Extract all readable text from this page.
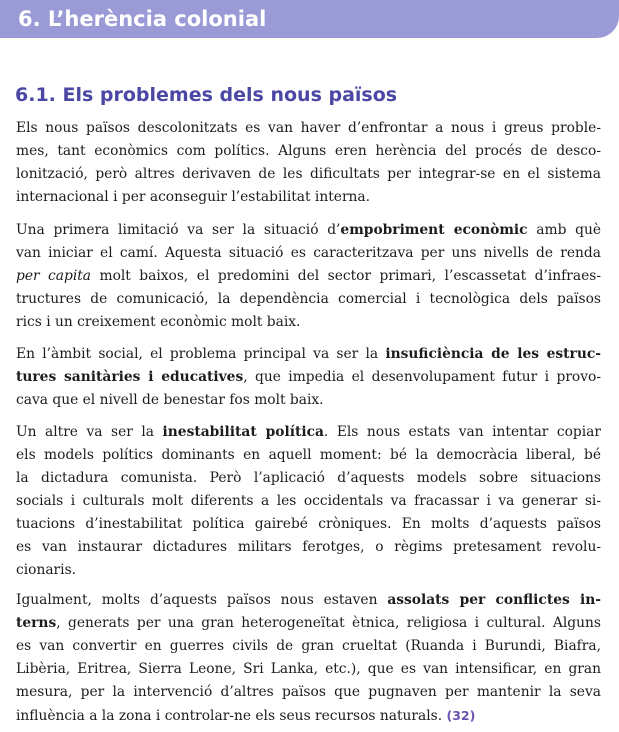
6. L’herència colonial
6.1. Els problemes dels nous països
Els nous països descolonitzats es van haver d’enfrontar a nous i greus proble-
mes, tant econòmics com polítics. Alguns eren herència del procés de desco-
lonització, però altres derivaven de les dificultats per integrar-se en el sistema
internacional i per aconseguir l’estabilitat interna.
Una primera limitació va ser la situació d’empobriment econòmic amb què
van iniciar el camí. Aquesta situació es caracteritzava per uns nivells de renda
per capita molt baixos, el predomini del sector primari, l’escassetat d’infraes-
tructures de comunicació, la dependència comercial i tecnològica dels països
rics i un creixement econòmic molt baix.
En l’àmbit social, el problema principal va ser la insuficiència de les estruc-
tures sanitàries i educatives, que impedia el desenvolupament futur i provo-
cava que el nivell de benestar fos molt baix.
Un altre va ser la inestabilitat política. Els nous estats van intentar copiar
els models polítics dominants en aquell moment: bé la democràcia liberal, bé
la dictadura comunista. Però l’aplicació d’aquests models sobre situacions
socials i culturals molt diferents a les occidentals va fracassar i va generar si-
tuacions d’inestabilitat política gairebé cròniques. En molts d’aquests països
es van instaurar dictadures militars ferotges, o règims pretesament revolu-
cionaris.
Igualment, molts d’aquests països nous estaven assolats per conflictes in-
terns, generats per una gran heterogeneïtat ètnica, religiosa i cultural. Alguns
es van convertir en guerres civils de gran crueltat (Ruanda i Burundi, Biafra,
Libèria, Eritrea, Sierra Leone, Sri Lanka, etc.), que es van intensificar, en gran
mesura, per la intervenció d’altres països que pugnaven per mantenir la seva
influència a la zona i controlar-ne els seus recursos naturals. (32)
